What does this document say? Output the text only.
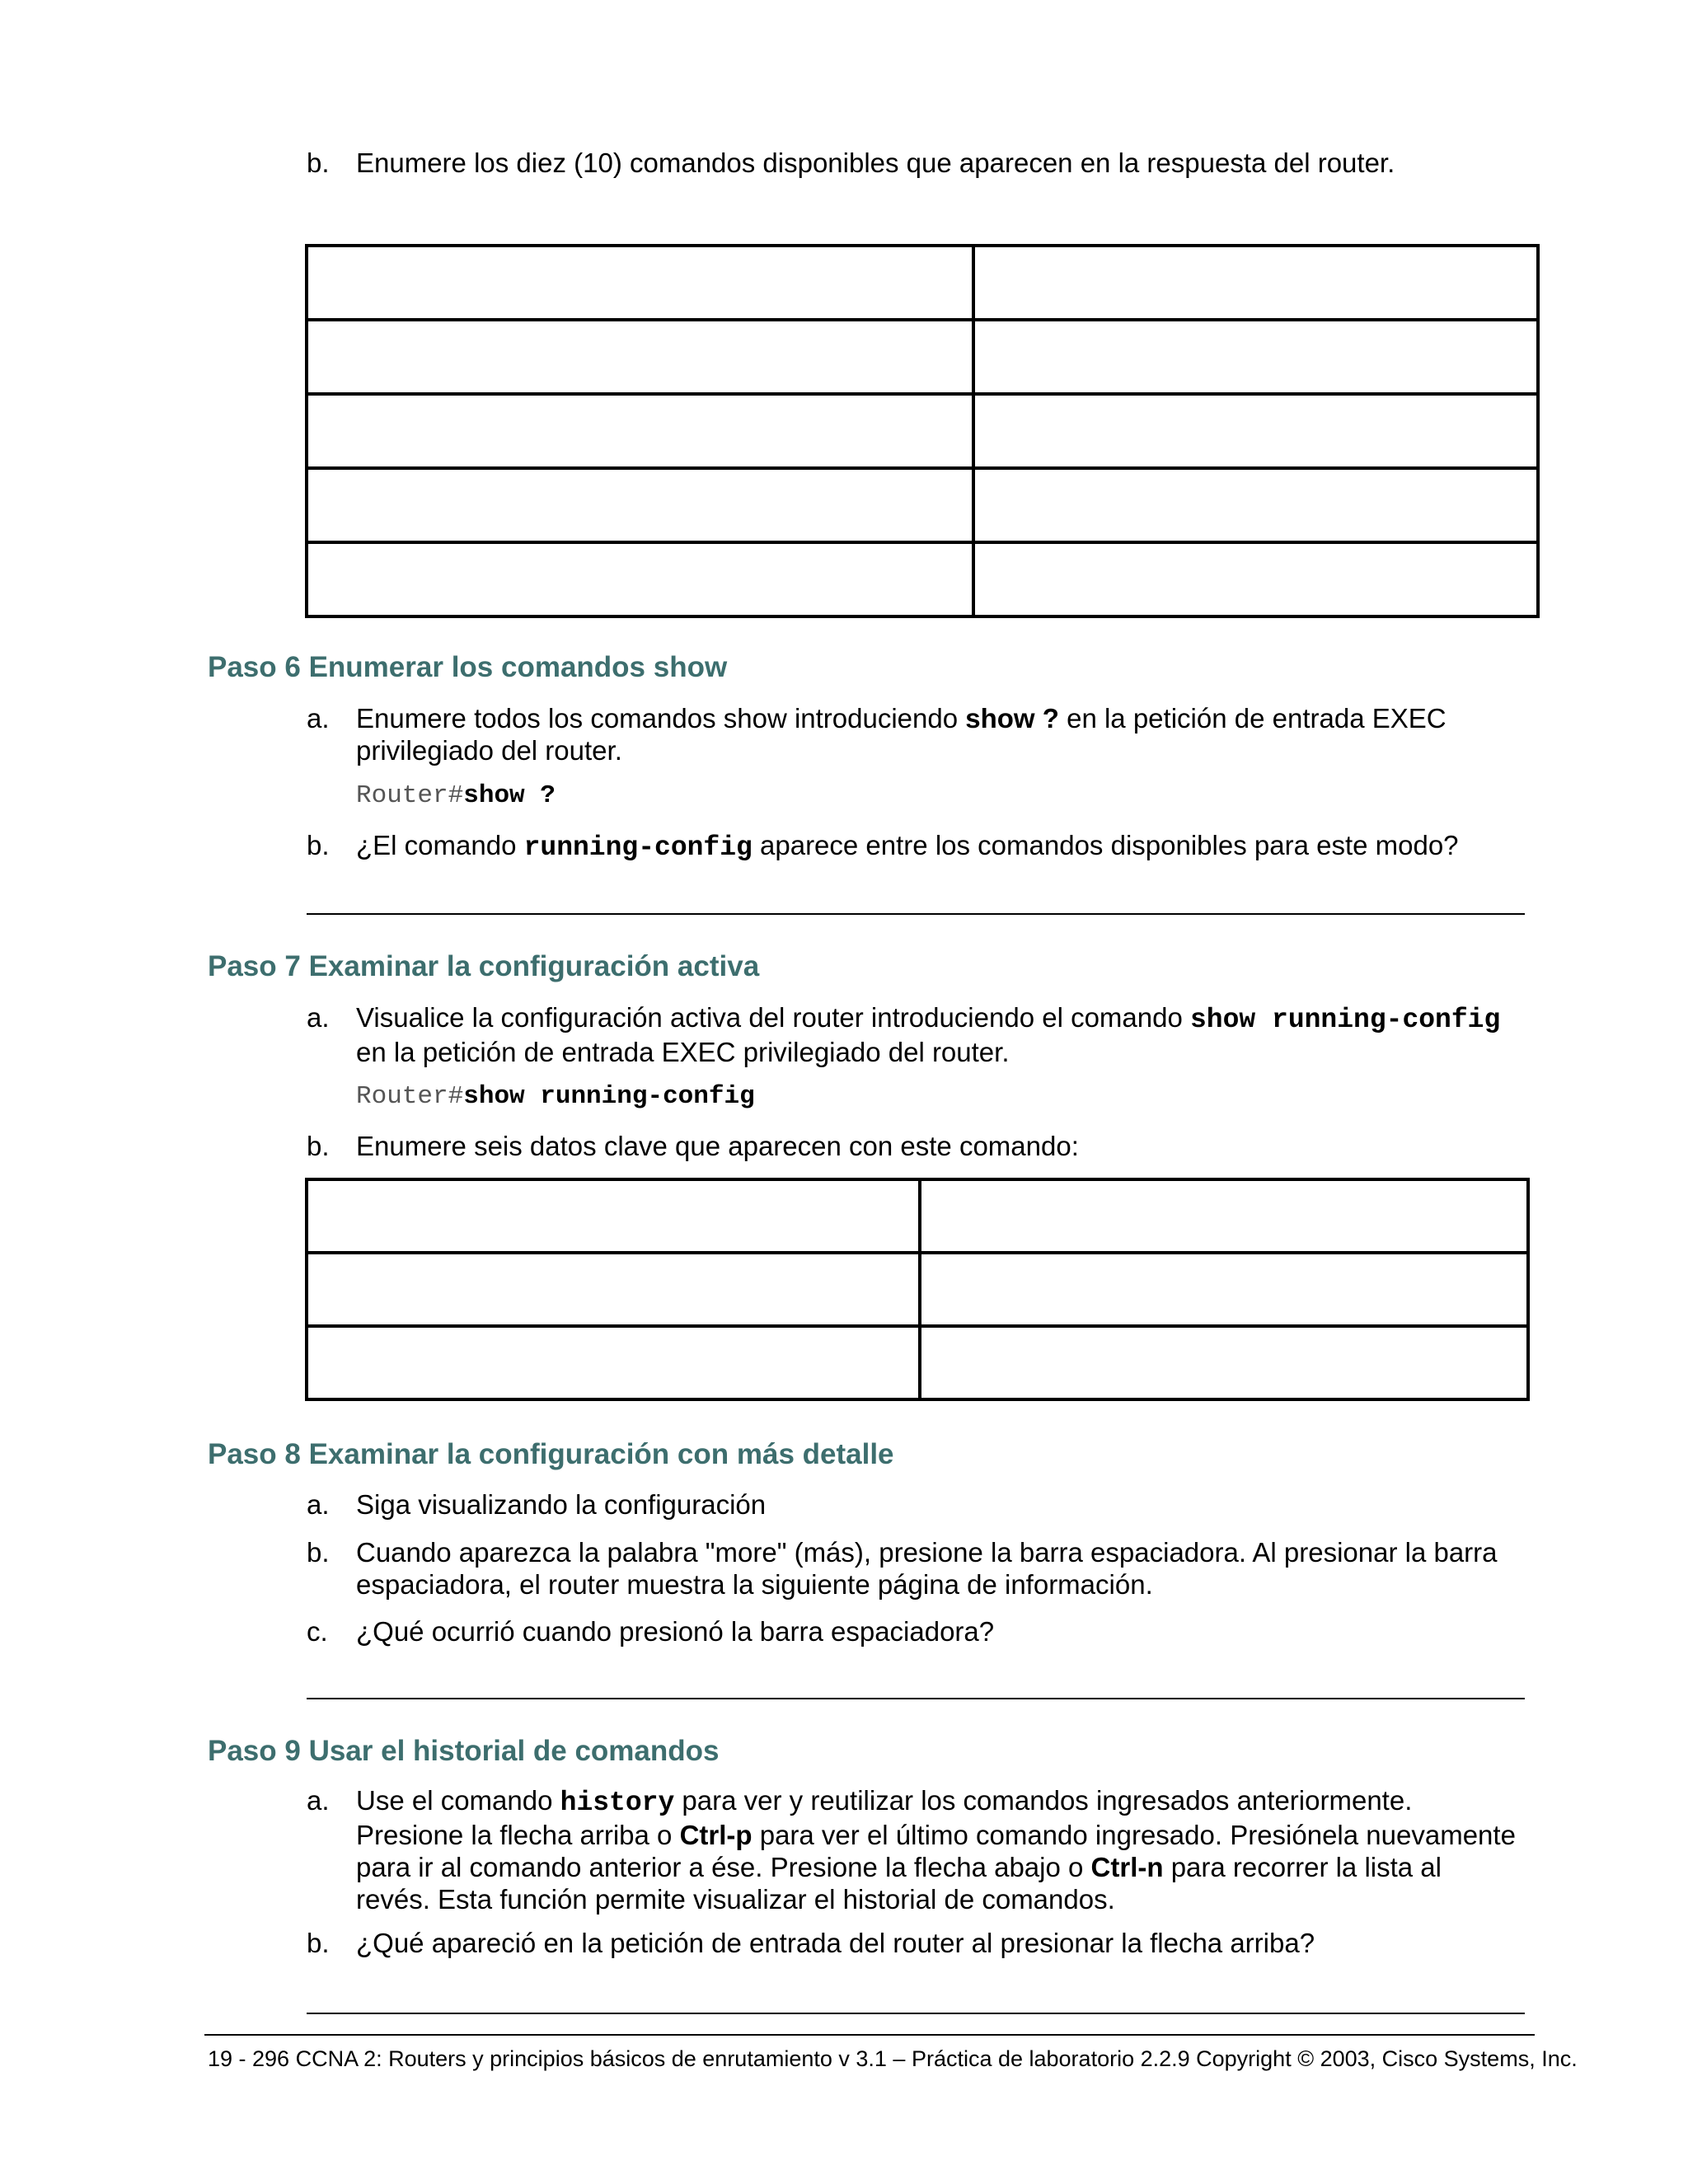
b. Enumere los diez (10) comandos disponibles que aparecen en la respuesta del router.

Paso 6 Enumerar los comandos show
a. Enumere todos los comandos show introduciendo show ? en la petición de entrada EXEC
privilegiado del router.
Router#show ?
b. ¿El comando running-config aparece entre los comandos disponibles para este modo?
Paso 7 Examinar la configuración activa
a. Visualice la configuración activa del router introduciendo el comando show running-config
en la petición de entrada EXEC privilegiado del router.
Router#show running-config
b. Enumere seis datos clave que aparecen con este comando:

Paso 8 Examinar la configuración con más detalle
a. Siga visualizando la configuración
b. Cuando aparezca la palabra "more" (más), presione la barra espaciadora. Al presionar la barra
espaciadora, el router muestra la siguiente página de información.
c. ¿Qué ocurrió cuando presionó la barra espaciadora?
Paso 9 Usar el historial de comandos
a. Use el comando history para ver y reutilizar los comandos ingresados anteriormente.
Presione la flecha arriba o Ctrl-p para ver el último comando ingresado. Presiónela nuevamente
para ir al comando anterior a ése. Presione la flecha abajo o Ctrl-n para recorrer la lista al
revés. Esta función permite visualizar el historial de comandos.
b. ¿Qué apareció en la petición de entrada del router al presionar la flecha arriba?
19 - 296 CCNA 2: Routers y principios básicos de enrutamiento v 3.1 – Práctica de laboratorio 2.2.9 Copyright © 2003, Cisco Systems, Inc.
